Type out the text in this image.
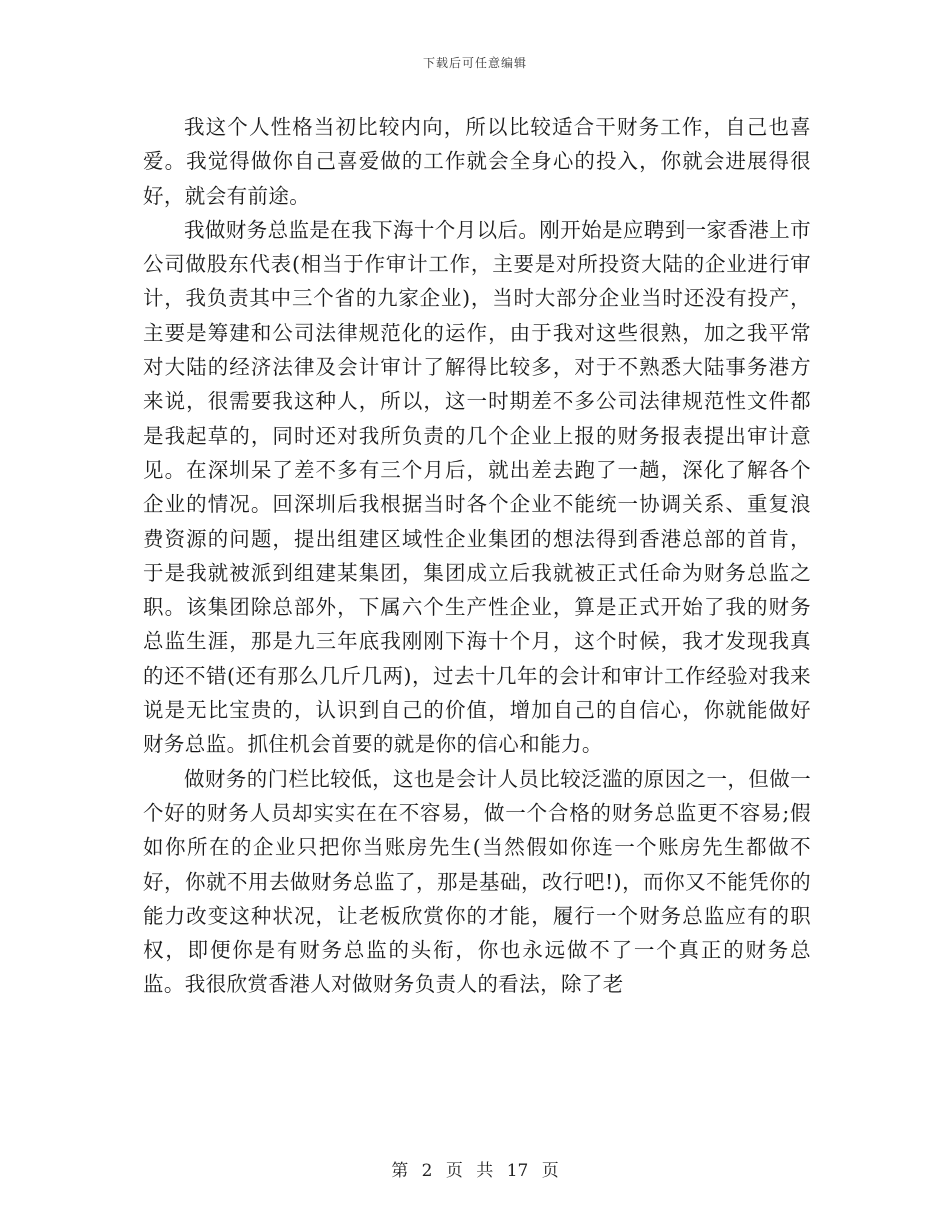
下载后可任意编辑

我这个人性格当初比较内向，所以比较适合干财务工作，自己也喜爱。我觉得做你自己喜爱做的工作就会全身心的投入，你就会进展得很好，就会有前途。

我做财务总监是在我下海十个月以后。刚开始是应聘到一家香港上市公司做股东代表(相当于作审计工作，主要是对所投资大陆的企业进行审计，我负责其中三个省的九家企业)，当时大部分企业当时还没有投产，主要是筹建和公司法律规范化的运作，由于我对这些很熟，加之我平常对大陆的经济法律及会计审计了解得比较多，对于不熟悉大陆事务港方来说，很需要我这种人，所以，这一时期差不多公司法律规范性文件都是我起草的，同时还对我所负责的几个企业上报的财务报表提出审计意见。在深圳呆了差不多有三个月后，就出差去跑了一趟，深化了解各个企业的情况。回深圳后我根据当时各个企业不能统一协调关系、重复浪费资源的问题，提出组建区域性企业集团的想法得到香港总部的首肯，于是我就被派到组建某集团，集团成立后我就被正式任命为财务总监之职。该集团除总部外，下属六个生产性企业，算是正式开始了我的财务总监生涯，那是九三年底我刚刚下海十个月，这个时候，我才发现我真的还不错(还有那么几斤几两)，过去十几年的会计和审计工作经验对我来说是无比宝贵的，认识到自己的价值，增加自己的自信心，你就能做好财务总监。抓住机会首要的就是你的信心和能力。

做财务的门栏比较低，这也是会计人员比较泛滥的原因之一，但做一个好的财务人员却实实在在不容易，做一个合格的财务总监更不容易;假如你所在的企业只把你当账房先生(当然假如你连一个账房先生都做不好，你就不用去做财务总监了，那是基础，改行吧!)，而你又不能凭你的能力改变这种状况，让老板欣赏你的才能，履行一个财务总监应有的职权，即便你是有财务总监的头衔，你也永远做不了一个真正的财务总监。我很欣赏香港人对做财务负责人的看法，除了老

第 2 页 共 17 页
